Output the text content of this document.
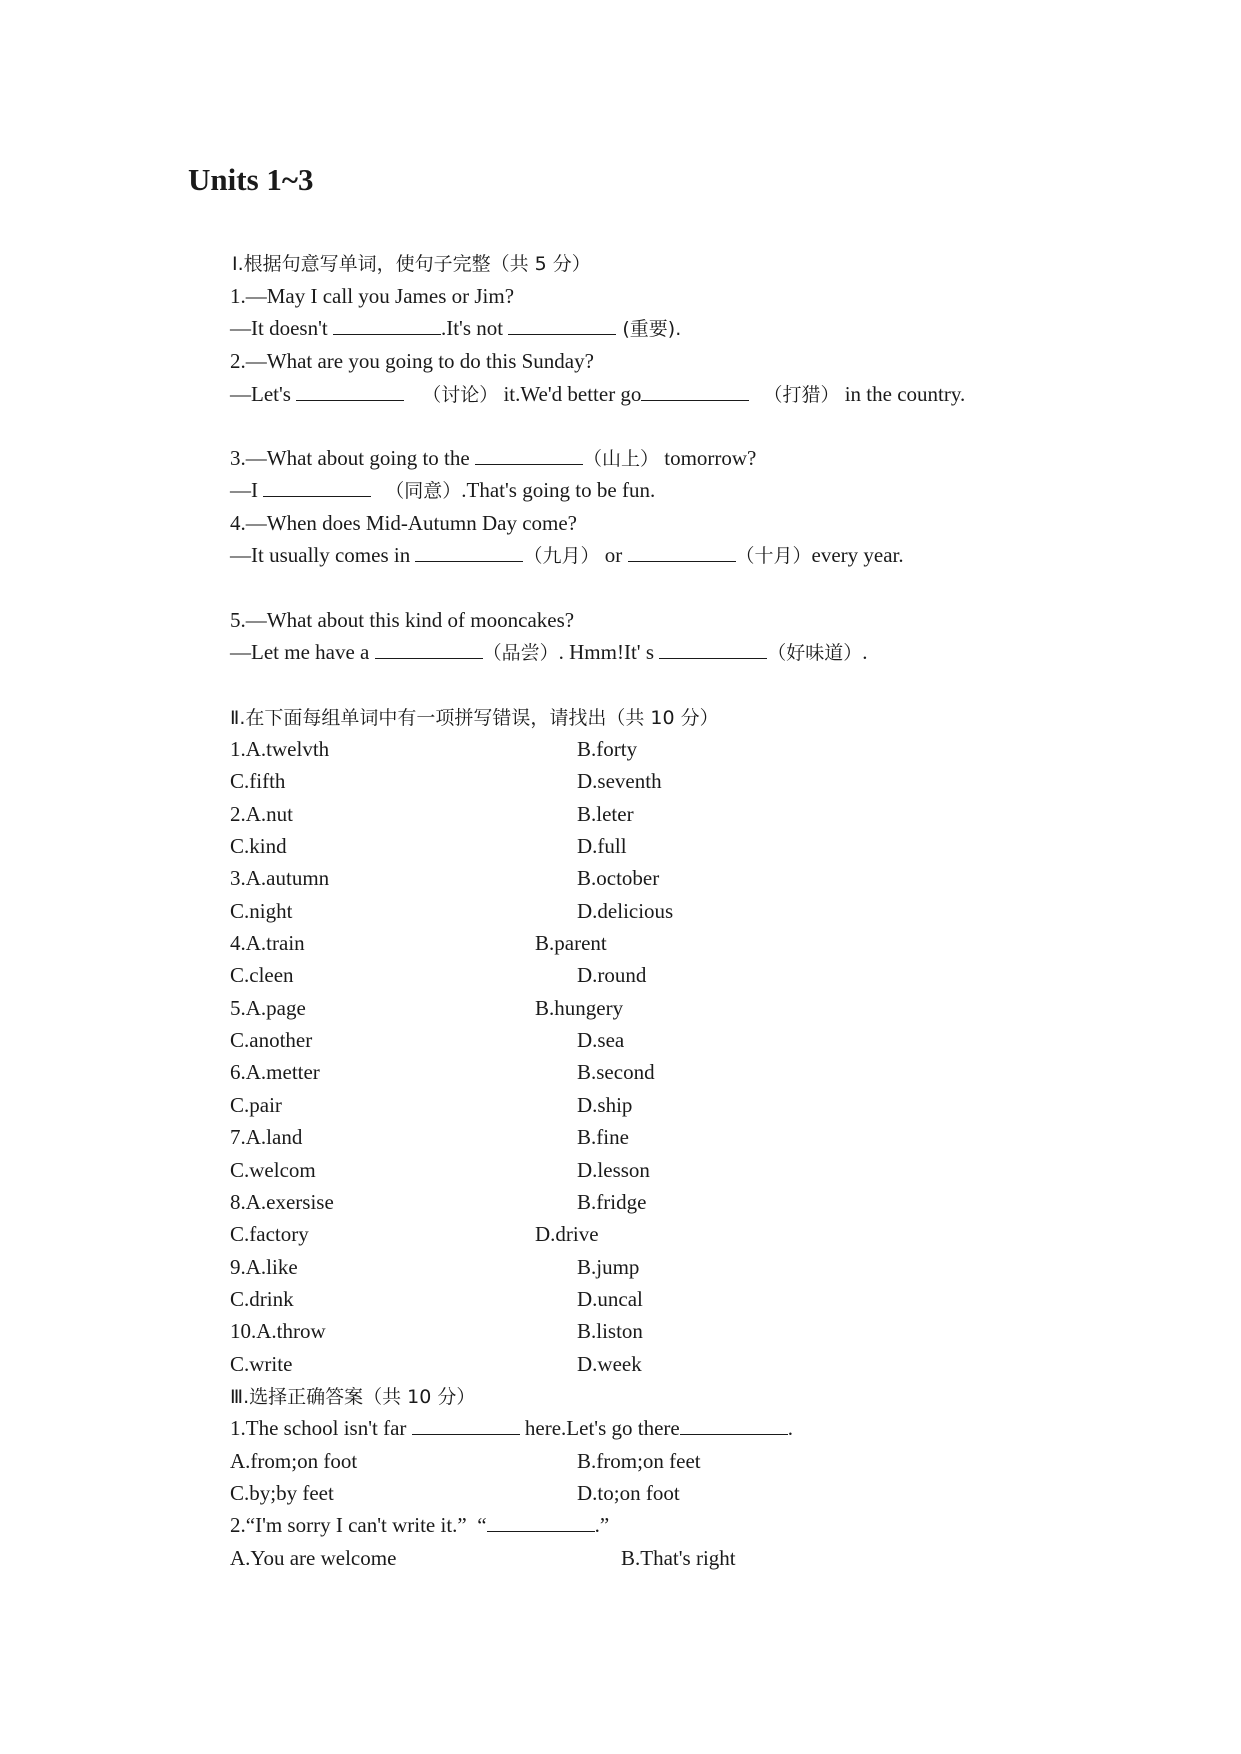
Units 1~3
Ⅰ.根据句意写单词，使句子完整（共 5 分）
1.—May I call you James or Jim?
—It doesn't	.It's not	(重要).
2.—What are you going to do this Sunday?
—Let's	（讨论） it.We'd better go	（打猎） in the country.
3.—What about going to the	（山上） tomorrow?
—I	（同意）.That's going to be fun.
4.—When does Mid-Autumn Day come?
—It usually comes in	（九月） or	（十月）every year.
5.—What about this kind of mooncakes?
—Let me have a	（品尝）. Hmm!It' s	（好味道）.
Ⅱ.在下面每组单词中有一项拼写错误，请找出（共 10 分）
1.A.twelvth	B.forty
C.fifth	D.seventh
2.A.nut	B.leter
C.kind	D.full
3.A.autumn	B.october
C.night	D.delicious
4.A.train	B.parent
C.cleen	D.round
5.A.page	B.hungery
C.another	D.sea
6.A.metter	B.second
C.pair	D.ship
7.A.land	B.fine
C.welcom	D.lesson
8.A.exersise	B.fridge
C.factory	D.drive
9.A.like	B.jump
C.drink	D.uncal
10.A.throw	B.liston
C.write	D.week
Ⅲ.选择正确答案（共 10 分）
1.The school isn't far	here.Let's go there	.
A.from;on foot	B.from;on feet
C.by;by feet	D.to;on foot
2.“I'm sorry I can't write it.”  “	.”
A.You are welcome	B.That's right
